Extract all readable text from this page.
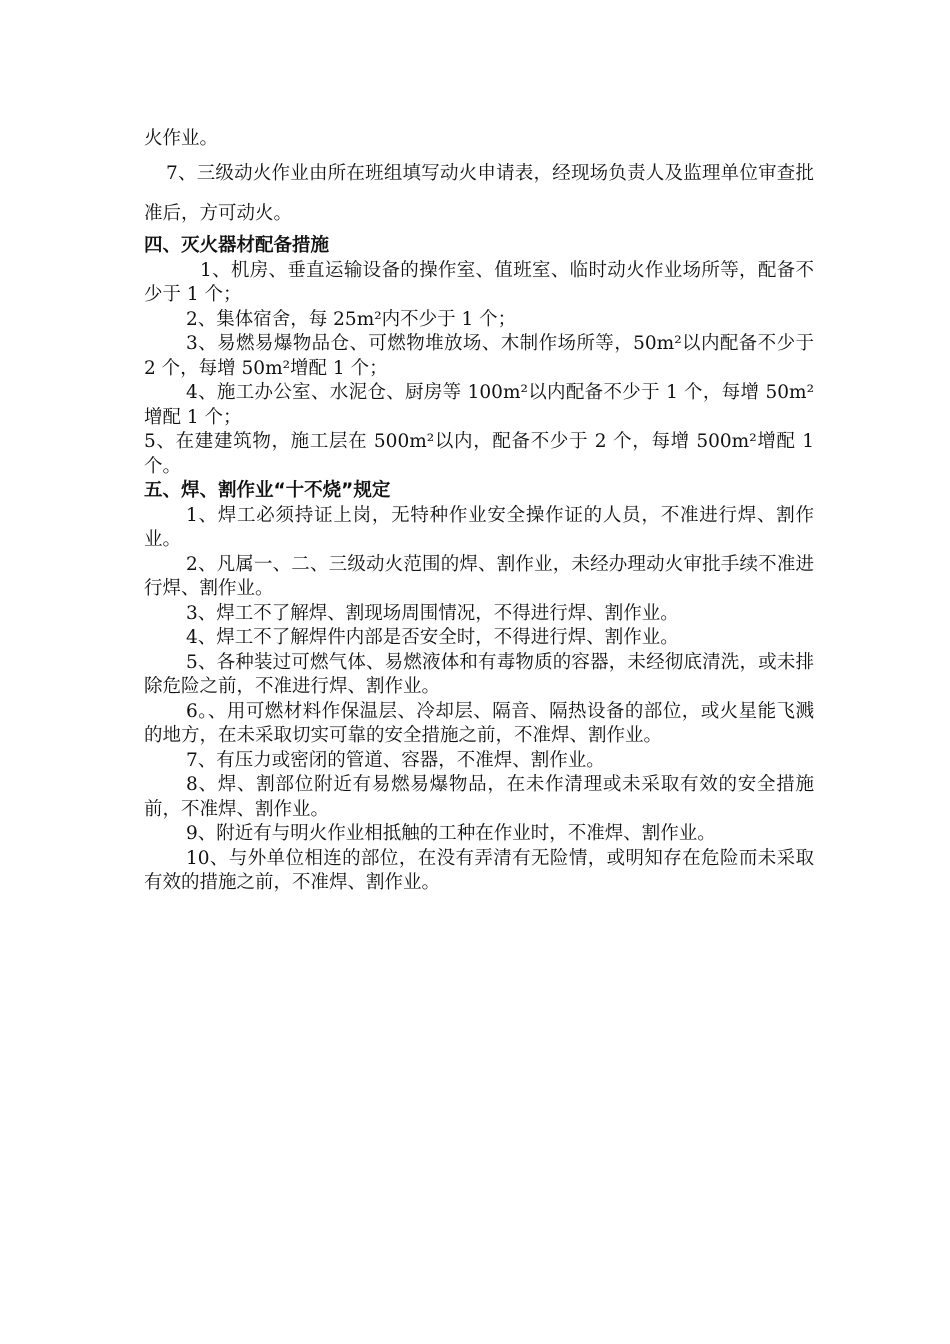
火作业。

7、三级动火作业由所在班组填写动火申请表，经现场负责人及监理单位审查批准后，方可动火。

四、灭火器材配备措施

1、机房、垂直运输设备的操作室、值班室、临时动火作业场所等，配备不少于 1 个；

2、集体宿舍，每 25m²内不少于 1 个；

3、易燃易爆物品仓、可燃物堆放场、木制作场所等，50m²以内配备不少于 2 个，每增 50m²增配 1 个；

4、施工办公室、水泥仓、厨房等 100m²以内配备不少于 1 个，每增 50m²增配 1 个；

5、在建建筑物，施工层在 500m²以内，配备不少于 2 个，每增 500m²增配 1 个。

五、焊、割作业“十不烧”规定

1、焊工必须持证上岗，无特种作业安全操作证的人员，不准进行焊、割作业。

2、凡属一、二、三级动火范围的焊、割作业，未经办理动火审批手续不准进行焊、割作业。

3、焊工不了解焊、割现场周围情况，不得进行焊、割作业。

4、焊工不了解焊件内部是否安全时，不得进行焊、割作业。

5、各种装过可燃气体、易燃液体和有毒物质的容器，未经彻底清洗，或未排除危险之前，不准进行焊、割作业。

6。、用可燃材料作保温层、冷却层、隔音、隔热设备的部位，或火星能飞溅的地方，在未采取切实可靠的安全措施之前，不准焊、割作业。

7、有压力或密闭的管道、容器，不准焊、割作业。

8、焊、割部位附近有易燃易爆物品，在未作清理或未采取有效的安全措施前，不准焊、割作业。

9、附近有与明火作业相抵触的工种在作业时，不准焊、割作业。

10、与外单位相连的部位，在没有弄清有无险情，或明知存在危险而未采取有效的措施之前，不准焊、割作业。
